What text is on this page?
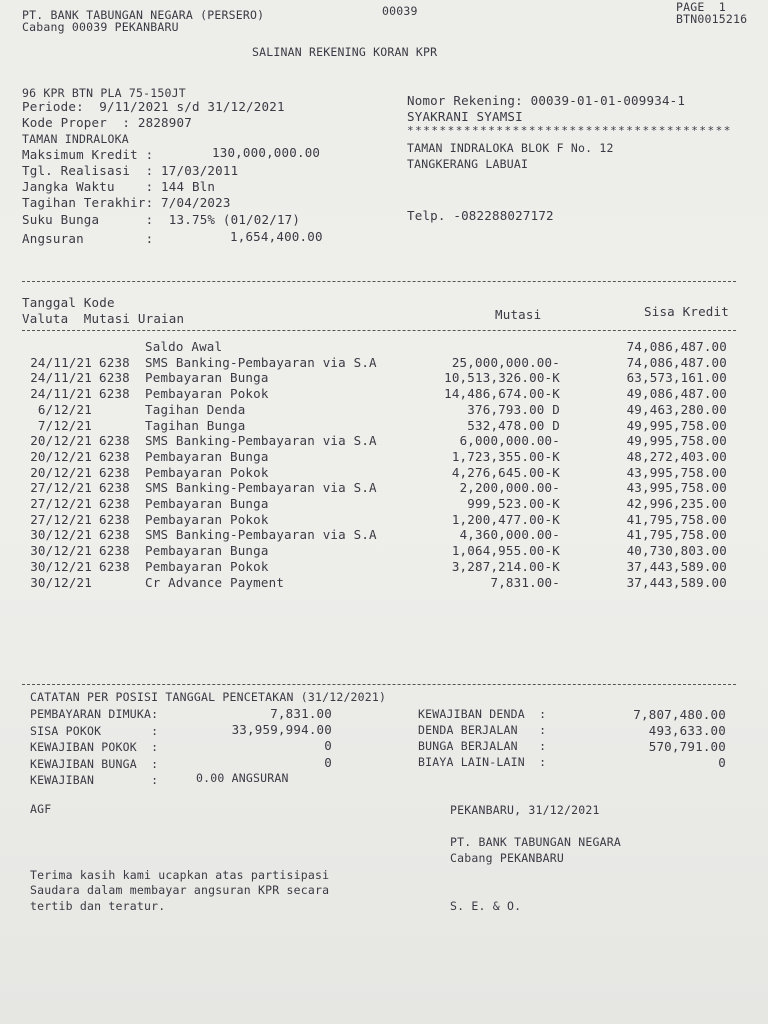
PT. BANK TABUNGAN NEGARA (PERSERO)
Cabang 00039 PEKANBARU
00039	PAGE  1
BTN0015216
SALINAN REKENING KORAN KPR
96 KPR BTN PLA 75-150JT
Periode:  9/11/2021 s/d 31/12/2021
Kode Proper  : 2828907
TAMAN INDRALOKA
Maksimum Kredit :	130,000,000.00
Tgl. Realisasi  : 17/03/2011
Jangka Waktu    : 144 Bln
Tagihan Terakhir: 7/04/2023
Suku Bunga      :  13.75% (01/02/17)
Angsuran        :	1,654,400.00
Nomor Rekening: 00039-01-01-009934-1
SYAKRANI SYAMSI
****************************************
TAMAN INDRALOKA BLOK F No. 12
TANGKERANG LABUAI
Telp. -082288027172
Tanggal Kode
Valuta  Mutasi Uraian	Mutasi	Sisa Kredit
Saldo Awal	74,086,487.00
24/11/21 6238 SMS Banking-Pembayaran via S.A	25,000,000.00-	74,086,487.00
24/11/21 6238 Pembayaran Bunga	10,513,326.00-K	63,573,161.00
24/11/21 6238 Pembayaran Pokok	14,486,674.00-K	49,086,487.00
6/12/21	Tagihan Denda	376,793.00 D	49,463,280.00
7/12/21	Tagihan Bunga	532,478.00 D	49,995,758.00
20/12/21 6238 SMS Banking-Pembayaran via S.A	6,000,000.00-	49,995,758.00
20/12/21 6238 Pembayaran Bunga	1,723,355.00-K	48,272,403.00
20/12/21 6238 Pembayaran Pokok	4,276,645.00-K	43,995,758.00
27/12/21 6238 SMS Banking-Pembayaran via S.A	2,200,000.00-	43,995,758.00
27/12/21 6238 Pembayaran Bunga	999,523.00-K	42,996,235.00
27/12/21 6238 Pembayaran Pokok	1,200,477.00-K	41,795,758.00
30/12/21 6238 SMS Banking-Pembayaran via S.A	4,360,000.00-	41,795,758.00
30/12/21 6238 Pembayaran Bunga	1,064,955.00-K	40,730,803.00
30/12/21 6238 Pembayaran Pokok	3,287,214.00-K	37,443,589.00
30/12/21	Cr Advance Payment	7,831.00-	37,443,589.00
CATATAN PER POSISI TANGGAL PENCETAKAN (31/12/2021)
PEMBAYARAN DIMUKA:	7,831.00
SISA POKOK       :	33,959,994.00
KEWAJIBAN POKOK  :	0
KEWAJIBAN BUNGA  :	0
KEWAJIBAN        :	0.00 ANGSURAN
KEWAJIBAN DENDA  :	7,807,480.00
DENDA BERJALAN   :	493,633.00
BUNGA BERJALAN   :	570,791.00
BIAYA LAIN-LAIN  :	0
AGF	PEKANBARU, 31/12/2021
PT. BANK TABUNGAN NEGARA
Cabang PEKANBARU
Terima kasih kami ucapkan atas partisipasi
Saudara dalam membayar angsuran KPR secara
tertib dan teratur.	S. E. & O.
